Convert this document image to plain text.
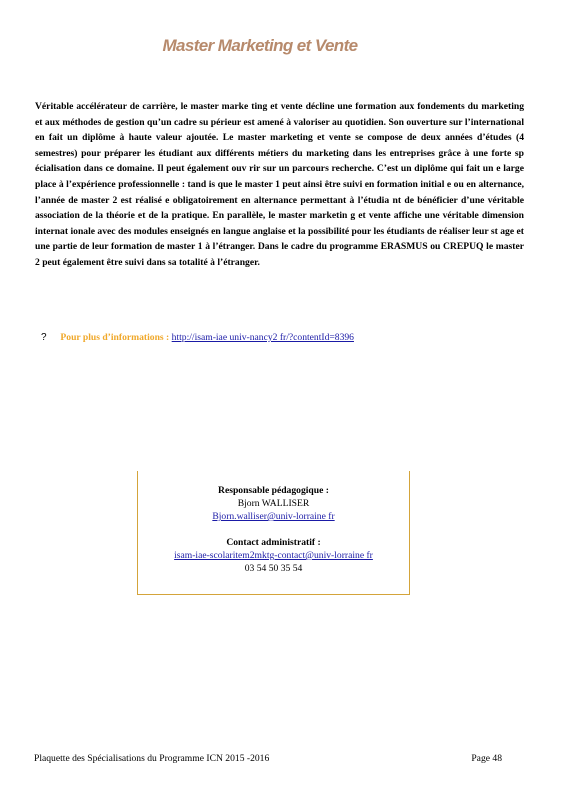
Master Marketing et Vente

Véritable accélérateur de carrière, le master marke ting et vente décline une formation aux fondements du marketing et aux méthodes de gestion qu’un cadre su périeur est amené à valoriser au quotidien. Son ouverture sur l’international en fait un diplôme à haute valeur ajoutée. Le master marketing et vente se compose de deux années d’études (4 semestres) pour préparer les étudiant aux différents métiers du marketing dans les entreprises grâce à une forte sp écialisation dans ce domaine. Il peut également ouv rir sur un parcours recherche. C’est un diplôme qui fait un e large place à l’expérience professionnelle : tand is que le master 1 peut ainsi être suivi en formation initial e ou en alternance, l’année de master 2 est réalisé e obligatoirement en alternance permettant à l’étudia nt de bénéficier d’une véritable association de la théorie et de la pratique. En parallèle, le master marketin g et vente affiche une véritable dimension internat ionale avec des modules enseignés en langue anglaise et la possibilité pour les étudiants de réaliser leur st age et une partie de leur formation de master 1 à l’étranger. Dans le cadre du programme ERASMUS ou CREPUQ le master 2 peut également être suivi dans sa totalité à l’étranger.

? Pour plus d’informations : http://isam-iae univ-nancy2 fr/?contentId=8396
Responsable pédagogique :
Bjorn WALLISER
Bjorn.walliser@univ-lorraine fr
Contact administratif :
isam-iae-scolaritem2mktg-contact@univ-lorraine fr
03 54 50 35 54
Plaquette des Spécialisations du Programme ICN 2015 -2016	Page 48
